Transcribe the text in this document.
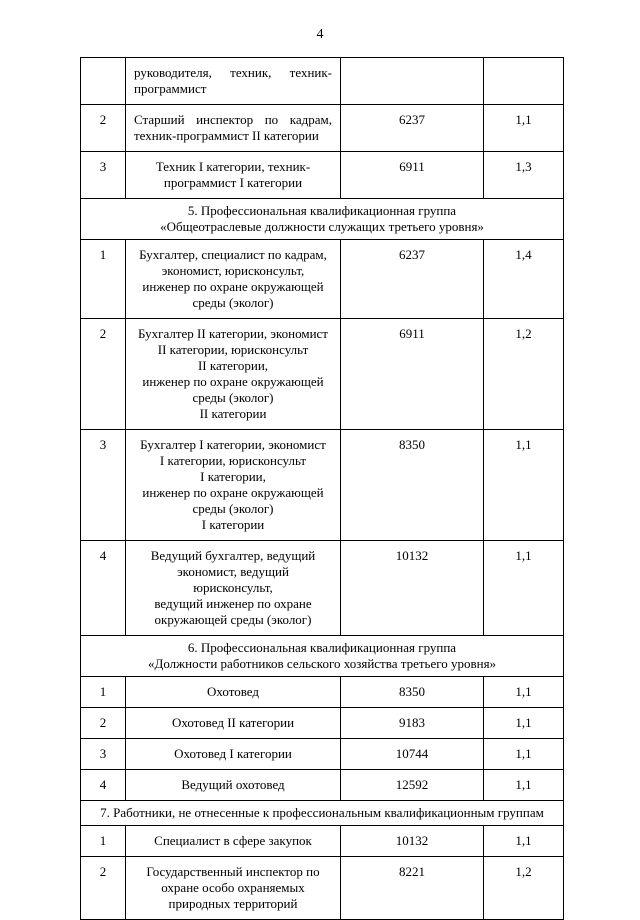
4
	руководителя, техник, техник-программист		
2	Старший инспектор по кадрам, техник-программист II категории	6237	1,1
3	Техник I категории, техник-
программист I категории	6911	1,3
5. Профессиональная квалификационная группа
«Общеотраслевые должности служащих третьего уровня»			
1	Бухгалтер, специалист по кадрам,
экономист, юрисконсульт,
инженер по охране окружающей
среды (эколог)	6237	1,4
2	Бухгалтер II категории, экономист
II категории, юрисконсульт
II категории,
инженер по охране окружающей
среды (эколог)
II категории	6911	1,2
3	Бухгалтер I категории, экономист
I категории, юрисконсульт
I категории,
инженер по охране окружающей
среды (эколог)
I категории	8350	1,1
4	Ведущий бухгалтер, ведущий
экономист, ведущий
юрисконсульт,
ведущий инженер по охране
окружающей среды (эколог)	10132	1,1
6. Профессиональная квалификационная группа
«Должности работников сельского хозяйства третьего уровня»			
1	Охотовед	8350	1,1
2	Охотовед II категории	9183	1,1
3	Охотовед I категории	10744	1,1
4	Ведущий охотовед	12592	1,1
7. Работники, не отнесенные к профессиональным квалификационным группам			
1	Специалист в сфере закупок	10132	1,1
2	Государственный инспектор по
охране особо охраняемых
природных территорий	8221	1,2
